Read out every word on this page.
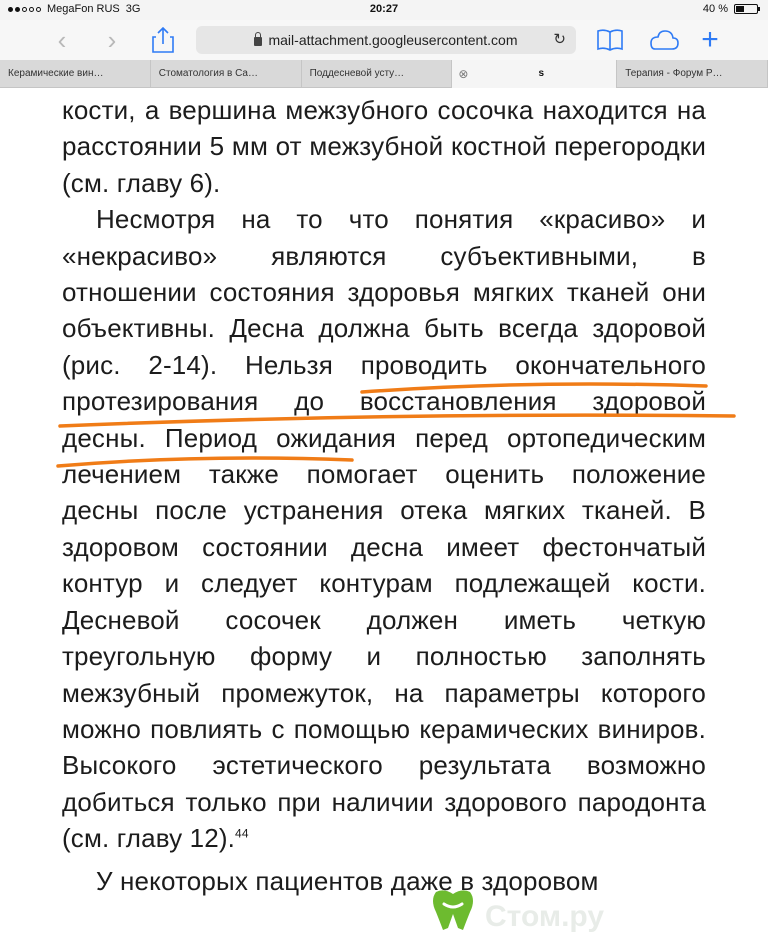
MegaFon RUS 3G	20:27	40 %
‹ ›	mail-attachment.googleusercontent.com ↻	+
Керамические вин…	Стоматология в Са…	Поддесневой усту…	⊗	s	Терапия - Форум Р…

кости, а вершина межзубного сосочка находится на расстоянии 5 мм от межзубной костной перегородки (см. главу 6).

Несмотря на то что понятия «красиво» и «некрасиво» являются субъективными, в отношении состояния здоровья мягких тканей они объективны. Десна должна быть всегда здоровой (рис. 2-14). Нельзя проводить окончательного протезирования до восстановления здоровой десны. Период ожидания перед ортопедическим лечением также помогает оценить положение десны после устранения отека мягких тканей. В здоровом состоянии десна имеет фестончатый контур и следует контурам подлежащей кости. Десневой сосочек должен иметь четкую треугольную форму и полностью заполнять межзубный промежуток, на параметры которого можно повлиять с помощью керамических виниров. Высокого эстетического результата возможно добиться только при наличии здорового пародонта (см. главу 12).$^{44}$

У некоторых пациентов даже в здоровом

Стом.ру
